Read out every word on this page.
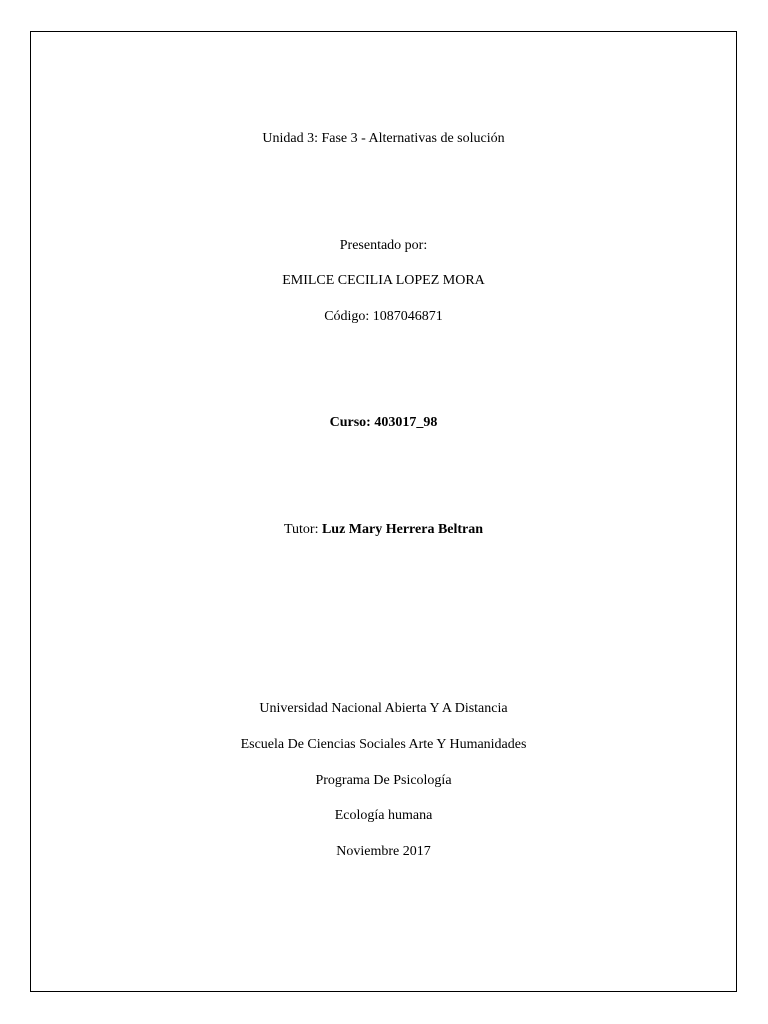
Unidad 3: Fase 3 - Alternativas de solución
Presentado por:
EMILCE CECILIA LOPEZ MORA
Código: 1087046871
Curso: 403017_98
Tutor: Luz Mary Herrera Beltran
Universidad Nacional Abierta Y A Distancia
Escuela De Ciencias Sociales Arte Y Humanidades
Programa De Psicología
Ecología humana
Noviembre 2017
